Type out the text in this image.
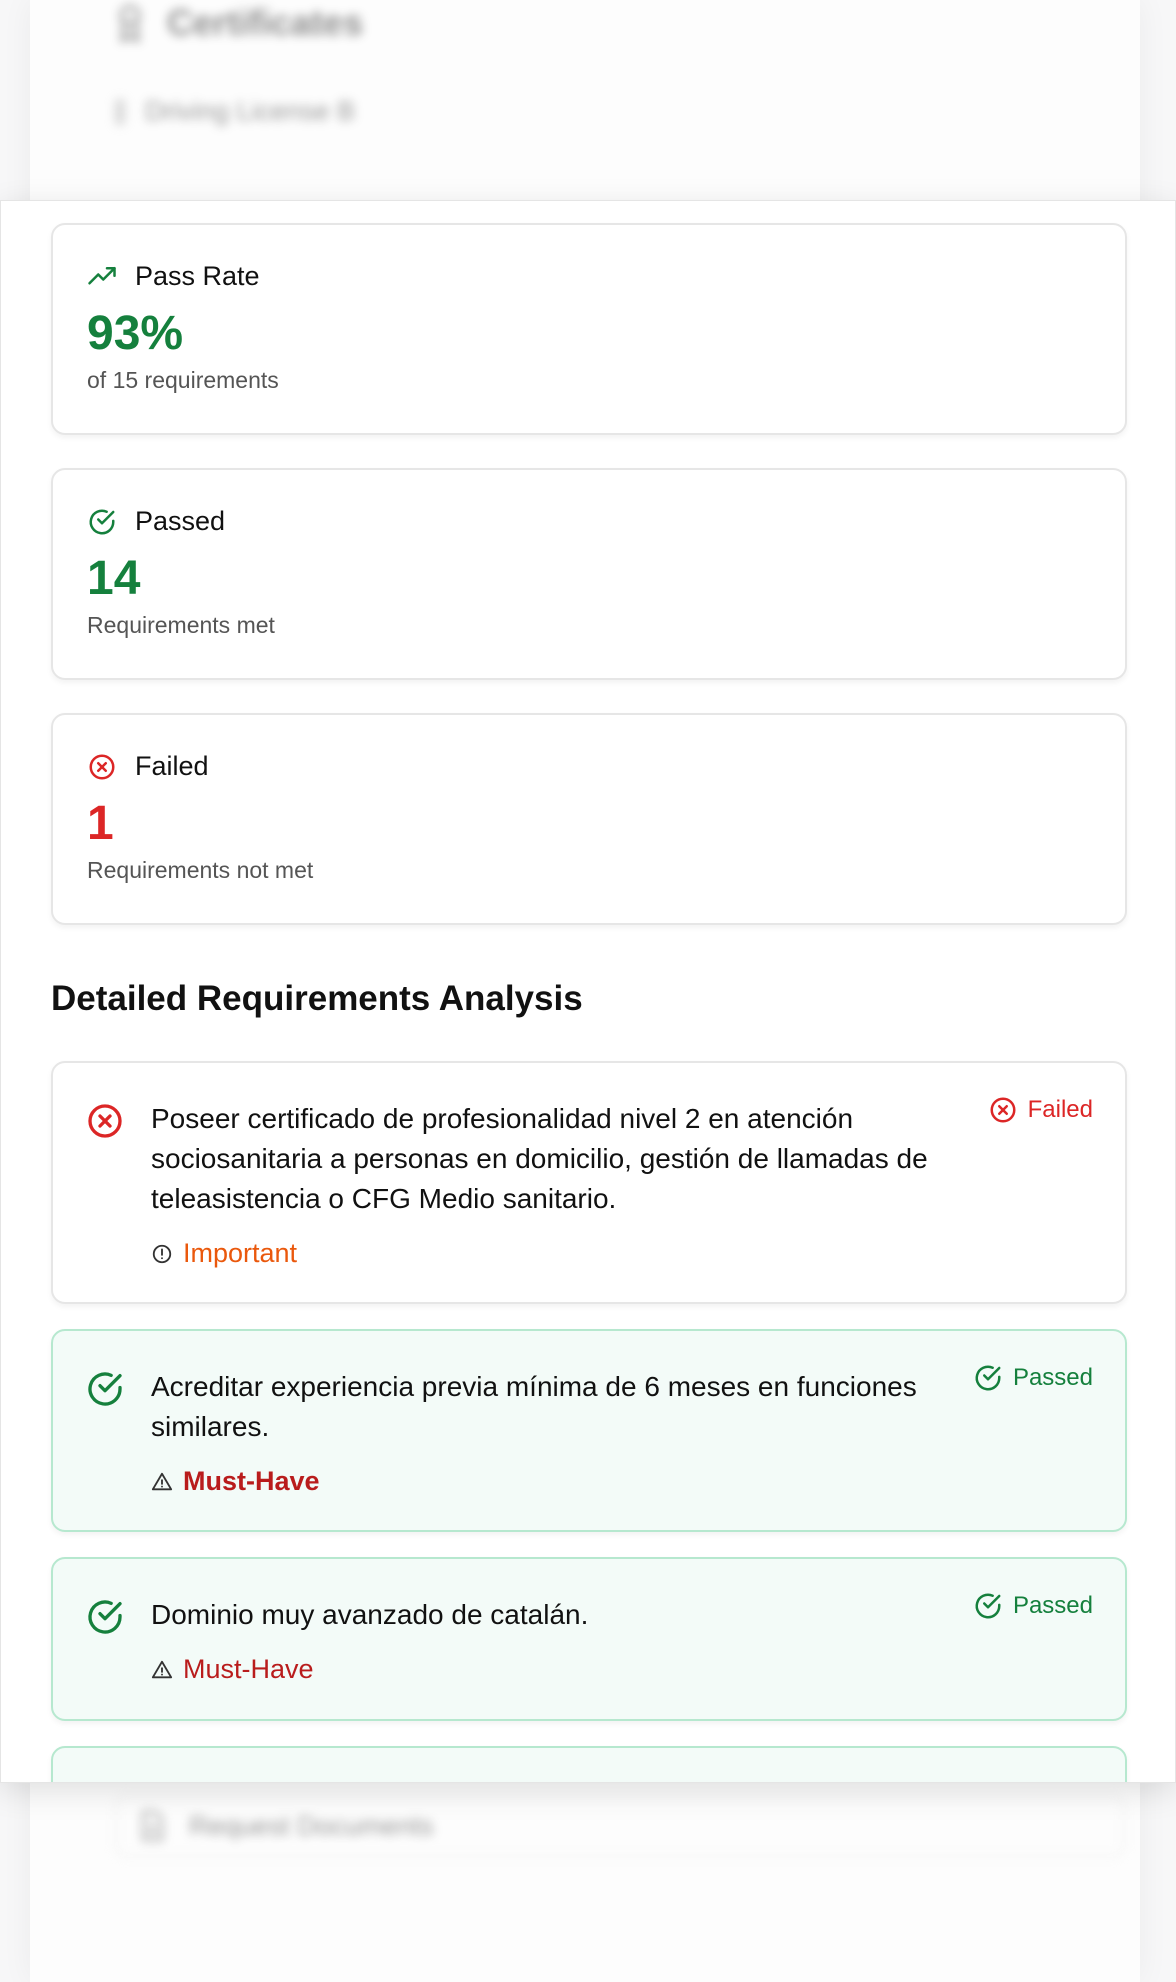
Certificates
Driving License B
Request Documents
Pass Rate
93%
of 15 requirements
Passed
14
Requirements met
Failed
1
Requirements not met
Detailed Requirements Analysis
Poseer certificado de profesionalidad nivel 2 en atención sociosanitaria a personas en domicilio, gestión de llamadas de teleasistencia o CFG Medio sanitario.
Failed
Important
Acreditar experiencia previa mínima de 6 meses en funciones similares.
Passed
Must-Have
Dominio muy avanzado de catalán.	Passed
Must-Have
